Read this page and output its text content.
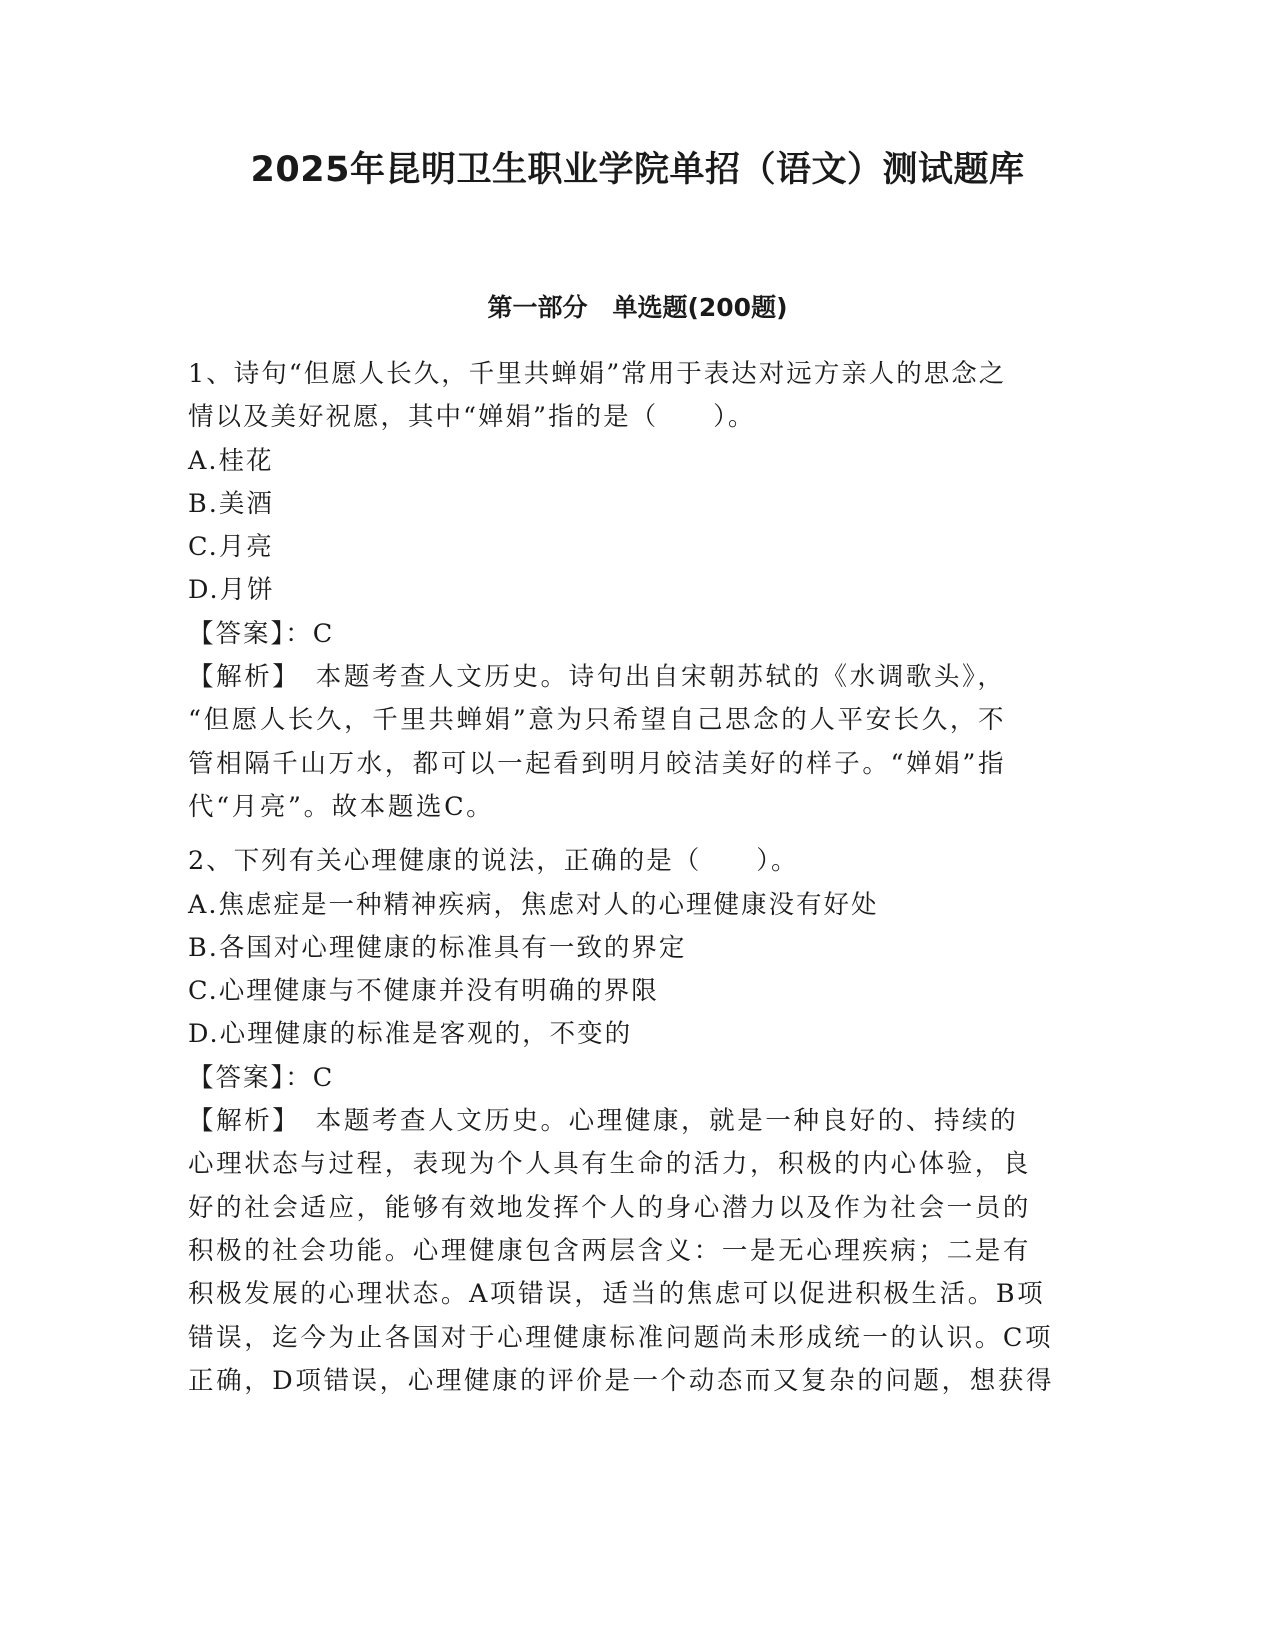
2025年昆明卫生职业学院单招（语文）测试题库
第一部分　单选题(200题)
1、诗句“但愿人长久，千里共蝉娟”常用于表达对远方亲人的思念之
情以及美好祝愿，其中“婵娟”指的是（　　）。
A.桂花
B.美酒
C.月亮
D.月饼
【答案】：C
【解析】　本题考查人文历史。诗句出自宋朝苏轼的《水调歌头》，
“但愿人长久，千里共蝉娟”意为只希望自己思念的人平安长久，不
管相隔千山万水，都可以一起看到明月皎洁美好的样子。“婵娟”指
代“月亮”。故本题选C。
2、下列有关心理健康的说法，正确的是（　　）。
A.焦虑症是一种精神疾病，焦虑对人的心理健康没有好处
B.各国对心理健康的标准具有一致的界定
C.心理健康与不健康并没有明确的界限
D.心理健康的标准是客观的，不变的
【答案】：C
【解析】　本题考查人文历史。心理健康，就是一种良好的、持续的
心理状态与过程，表现为个人具有生命的活力，积极的内心体验，良
好的社会适应，能够有效地发挥个人的身心潜力以及作为社会一员的
积极的社会功能。心理健康包含两层含义：一是无心理疾病；二是有
积极发展的心理状态。A项错误，适当的焦虑可以促进积极生活。B项
错误，迄今为止各国对于心理健康标准问题尚未形成统一的认识。C项
正确，D项错误，心理健康的评价是一个动态而又复杂的问题，想获得
